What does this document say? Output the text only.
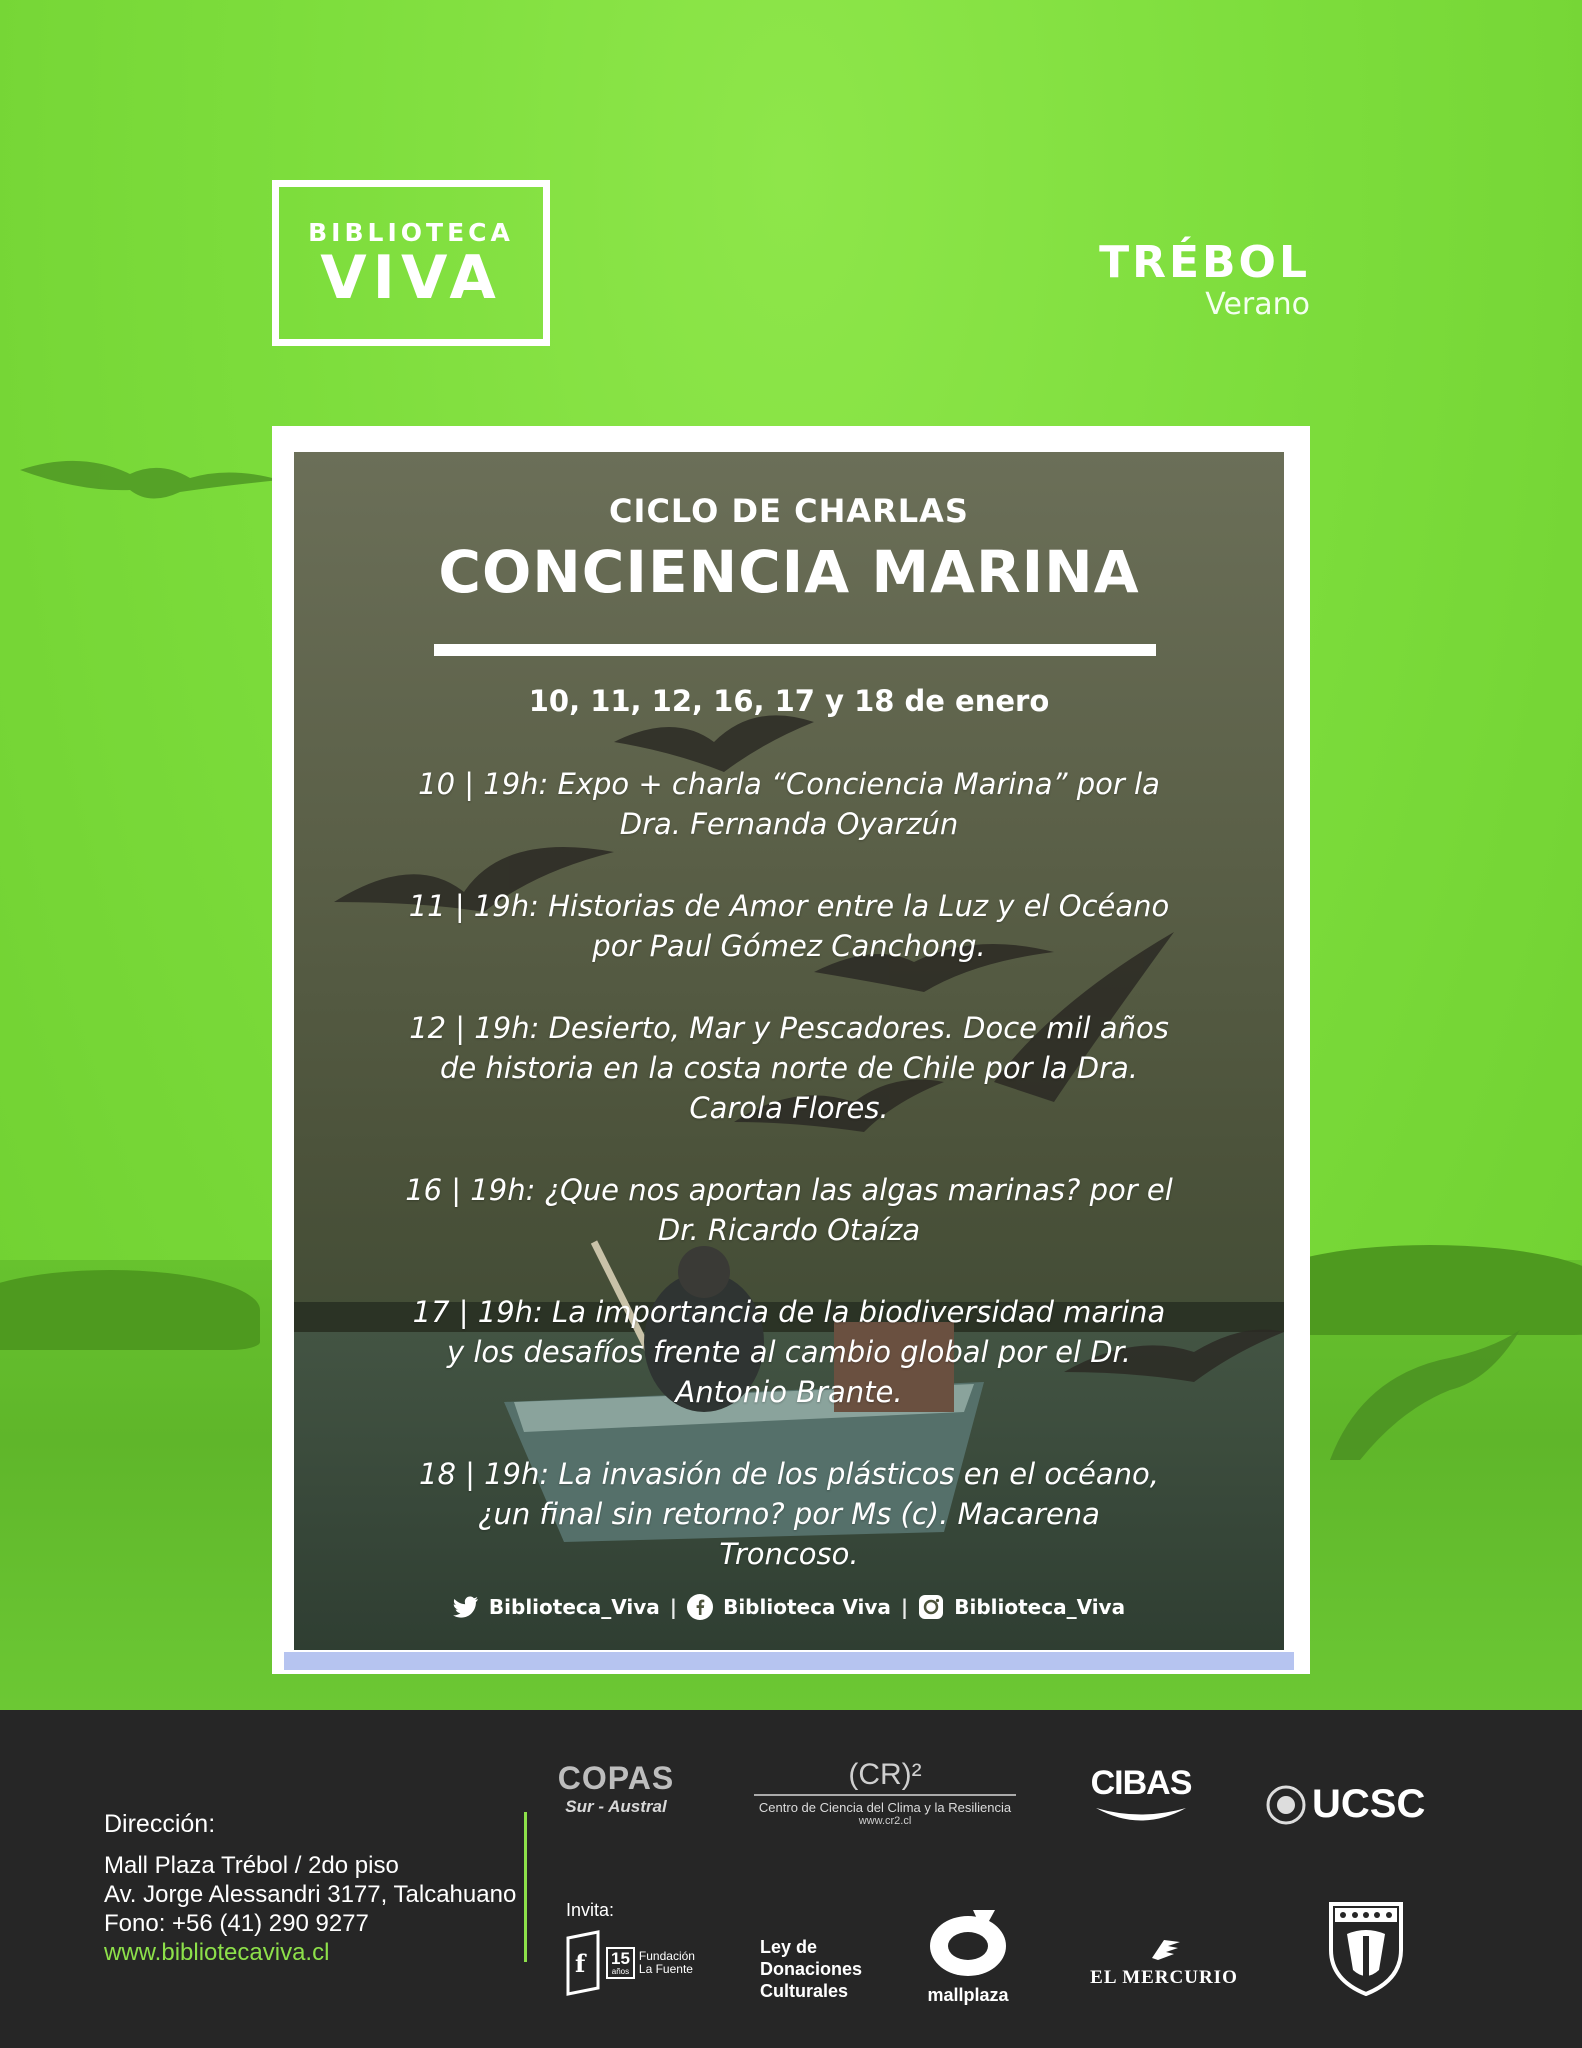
BIBLIOTECA
VIVA	TRÉBOL
Verano
CICLO DE CHARLAS
CONCIENCIA MARINA
10, 11, 12, 16, 17 y 18 de enero

10 | 19h: Expo + charla “Conciencia Marina” por la Dra. Fernanda Oyarzún

11 | 19h: Historias de Amor entre la Luz y el Océano por Paul Gómez Canchong.

12 | 19h: Desierto, Mar y Pescadores. Doce mil años de historia en la costa norte de Chile por la Dra. Carola Flores.

16 | 19h: ¿Que nos aportan las algas marinas? por el Dr. Ricardo Otaíza

17 | 19h: La importancia de la biodiversidad marina y los desafíos frente al cambio global por el Dr. Antonio Brante.

18 | 19h: La invasión de los plásticos en el océano, ¿un final sin retorno? por Ms (c). Macarena Troncoso.

Biblioteca_Viva | Biblioteca Viva | Biblioteca_Viva
Dirección:
Mall Plaza Trébol / 2do piso
Av. Jorge Alessandri 3177, Talcahuano
Fono: +56 (41) 290 9277
www.bibliotecaviva.cl
Invita:
COPAS
Sur - Austral
(CR)²
Centro de Ciencia del Clima y la Resiliencia
www.cr2.cl
CIBAS	UCSC
f 15
años
Fundación La Fuente
Ley de Donaciones Culturales	mallplaza
EL MERCURIO
